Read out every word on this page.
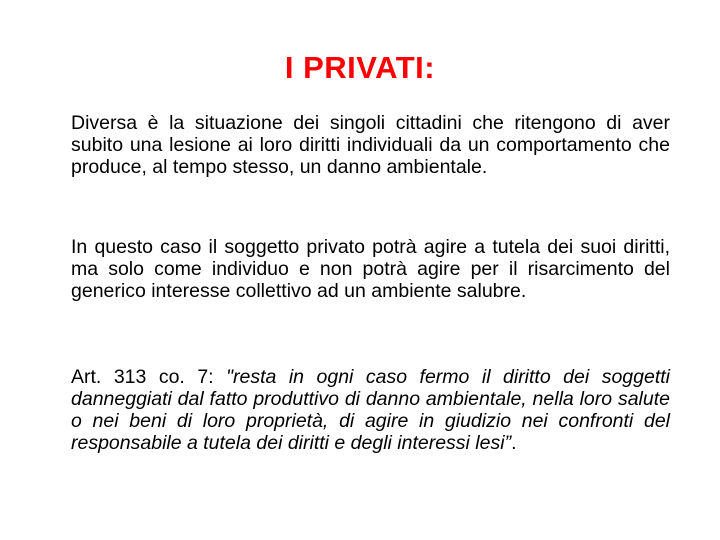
I PRIVATI:

Diversa è la situazione dei singoli cittadini che ritengono di aver subito una lesione ai loro diritti individuali da un comportamento che produce, al tempo stesso, un danno ambientale.

In questo caso il soggetto privato potrà agire a tutela dei suoi diritti, ma solo come individuo e non potrà agire per il risarcimento del generico interesse collettivo ad un ambiente salubre.

Art. 313 co. 7: "resta in ogni caso fermo il diritto dei soggetti danneggiati dal fatto produttivo di danno ambientale, nella loro salute o nei beni di loro proprietà, di agire in giudizio nei confronti del responsabile a tutela dei diritti e degli interessi lesi”.
